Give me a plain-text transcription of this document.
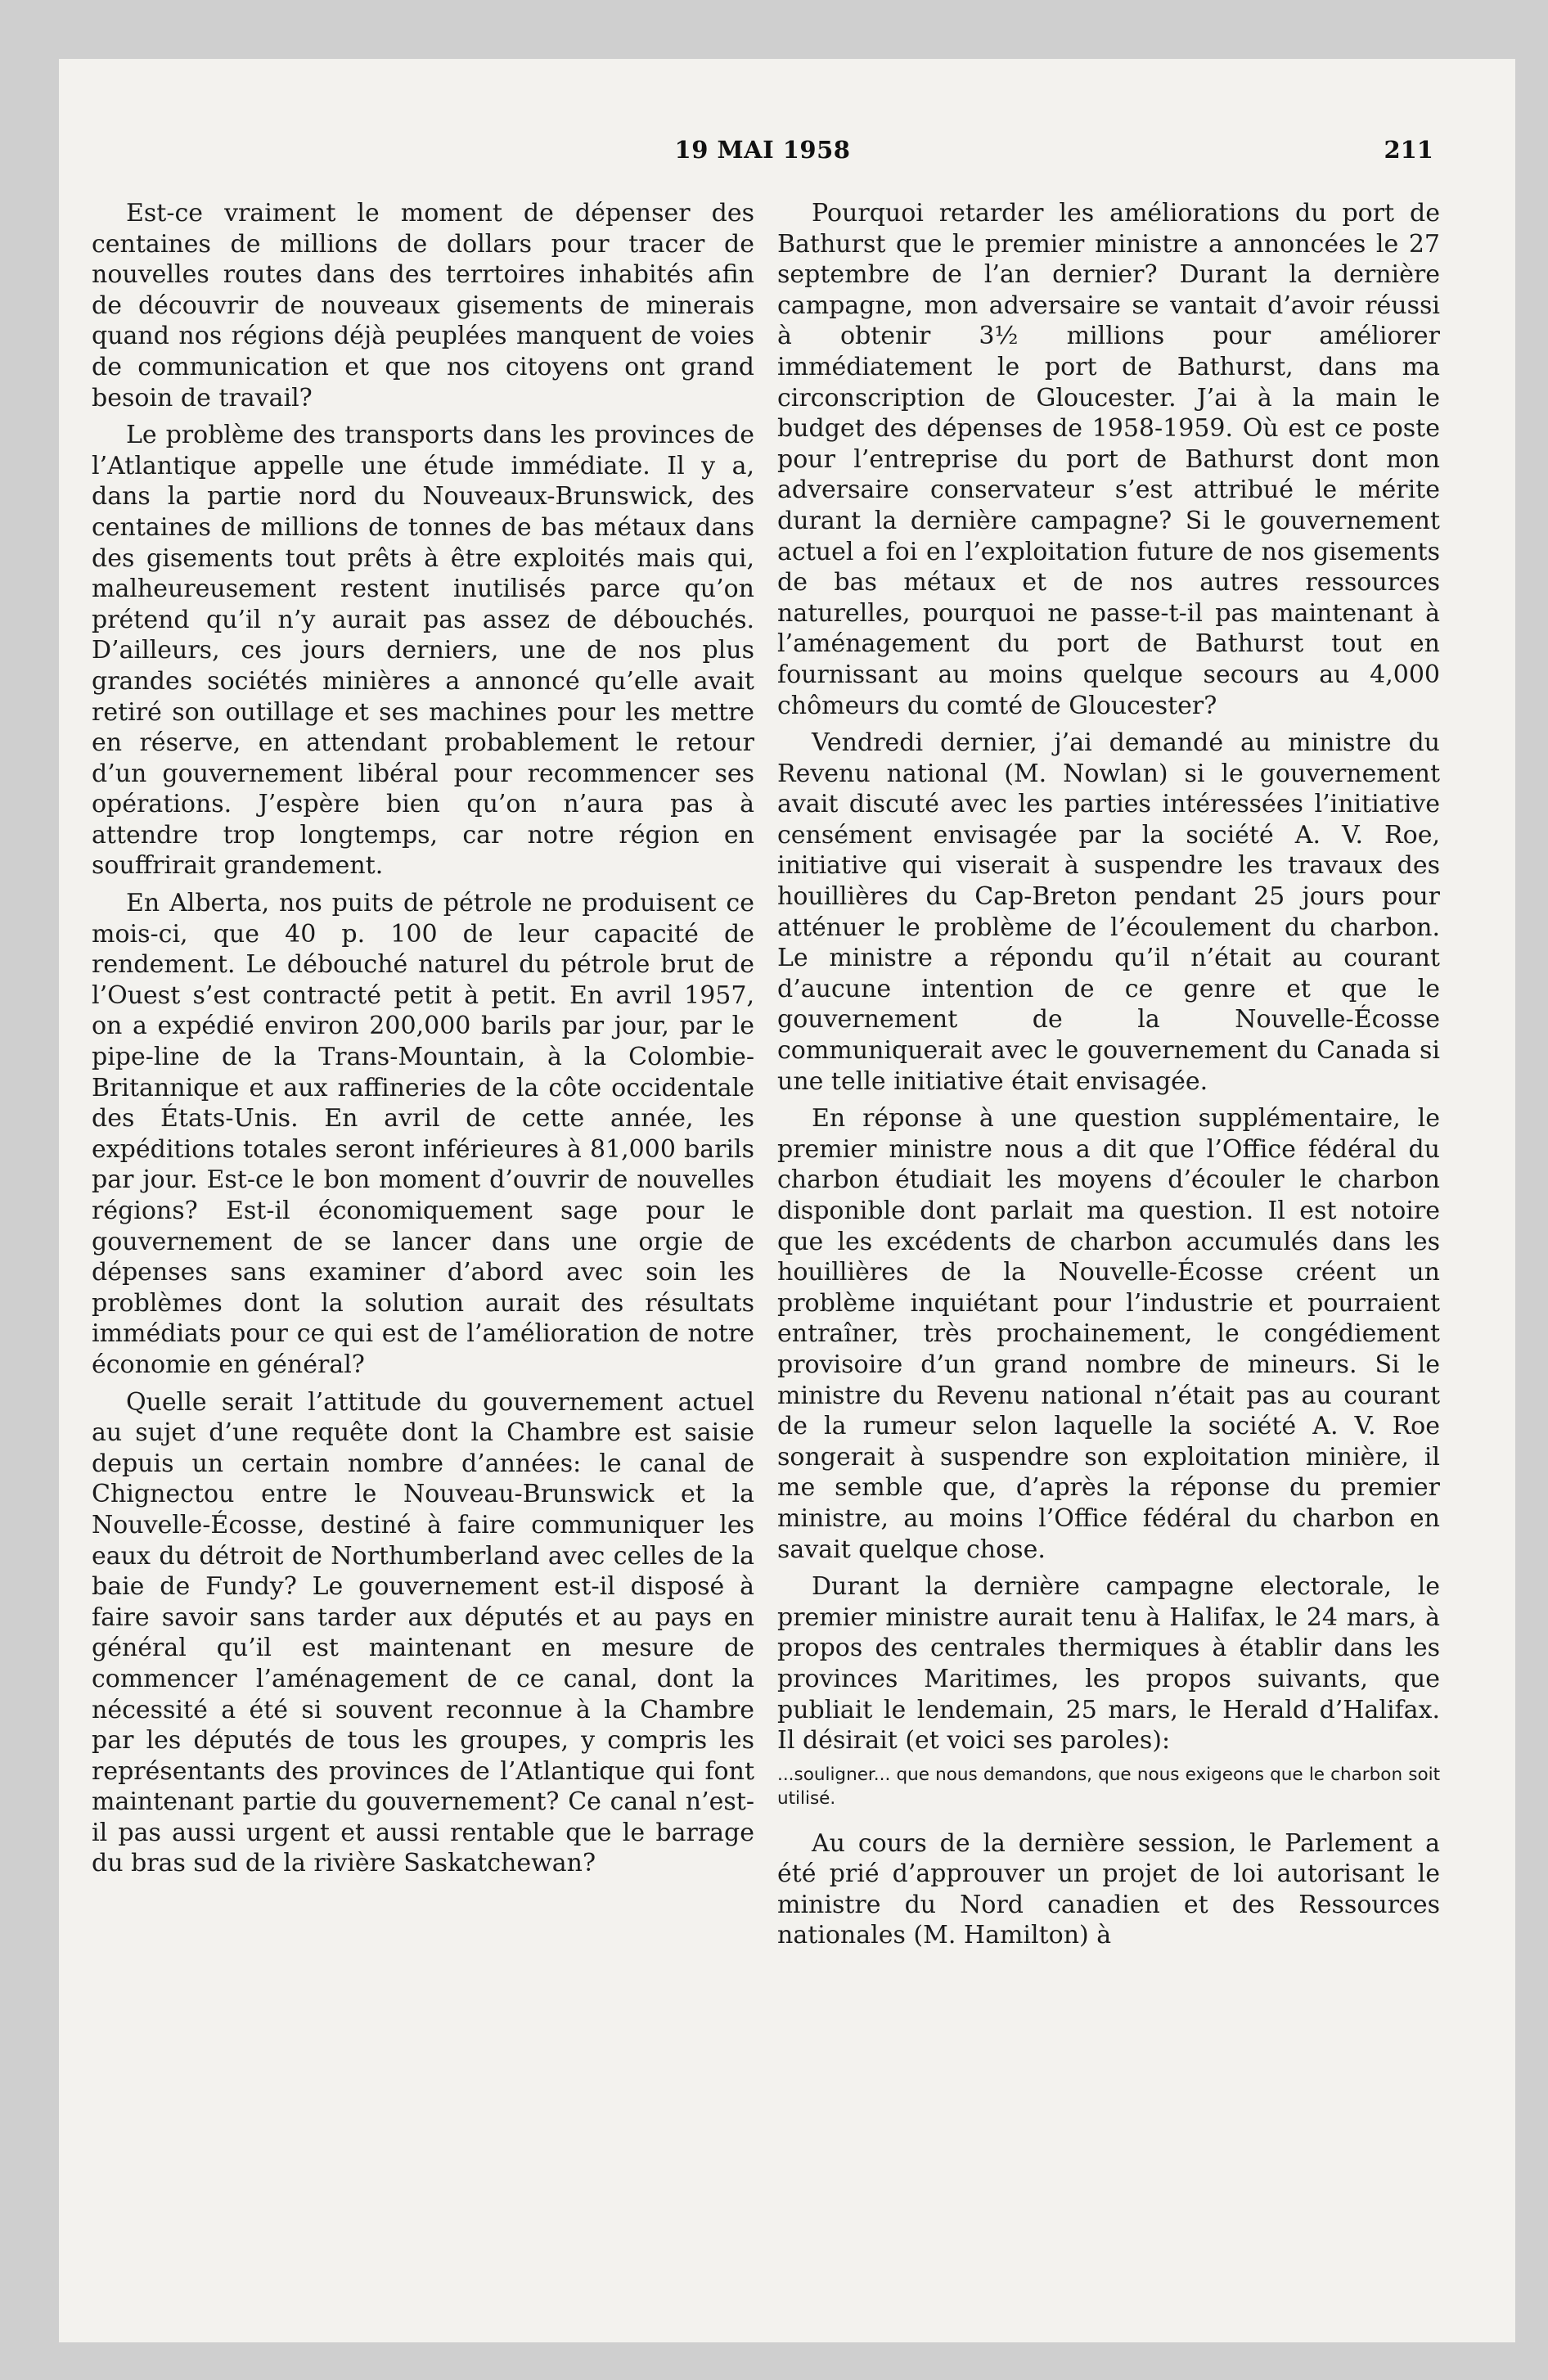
19 MAI 1958	211

Est-ce vraiment le moment de dépenser des centaines de millions de dollars pour tracer de nouvelles routes dans des terrtoires inhabités afin de découvrir de nouveaux gisements de minerais quand nos régions déjà peuplées manquent de voies de communication et que nos citoyens ont grand besoin de travail?

Le problème des transports dans les provinces de l’Atlantique appelle une étude immédiate. Il y a, dans la partie nord du Nouveaux-Brunswick, des centaines de millions de tonnes de bas métaux dans des gisements tout prêts à être exploités mais qui, malheureusement restent inutilisés parce qu’on prétend qu’il n’y aurait pas assez de débouchés. D’ailleurs, ces jours derniers, une de nos plus grandes sociétés minières a annoncé qu’elle avait retiré son outillage et ses machines pour les mettre en réserve, en attendant probablement le retour d’un gouvernement libéral pour recommencer ses opérations. J’espère bien qu’on n’aura pas à attendre trop longtemps, car notre région en souffrirait grandement.

En Alberta, nos puits de pétrole ne produisent ce mois-ci, que 40 p. 100 de leur capacité de rendement. Le débouché naturel du pétrole brut de l’Ouest s’est contracté petit à petit. En avril 1957, on a expédié environ 200,000 barils par jour, par le pipe-line de la Trans-Mountain, à la Colombie-Britannique et aux raffineries de la côte occidentale des États-Unis. En avril de cette année, les expéditions totales seront inférieures à 81,000 barils par jour. Est-ce le bon moment d’ouvrir de nouvelles régions? Est-il économiquement sage pour le gouvernement de se lancer dans une orgie de dépenses sans examiner d’abord avec soin les problèmes dont la solution aurait des résultats immédiats pour ce qui est de l’amélioration de notre économie en général?

Quelle serait l’attitude du gouvernement actuel au sujet d’une requête dont la Chambre est saisie depuis un certain nombre d’années: le canal de Chignectou entre le Nouveau-Brunswick et la Nouvelle-Écosse, destiné à faire communiquer les eaux du détroit de Northumberland avec celles de la baie de Fundy? Le gouvernement est-il disposé à faire savoir sans tarder aux députés et au pays en général qu’il est maintenant en mesure de commencer l’aménagement de ce canal, dont la nécessité a été si souvent reconnue à la Chambre par les députés de tous les groupes, y compris les représentants des provinces de l’Atlantique qui font maintenant partie du gouvernement? Ce canal n’est-il pas aussi urgent et aussi rentable que le barrage du bras sud de la rivière Saskatchewan?

Pourquoi retarder les améliorations du port de Bathurst que le premier ministre a annoncées le 27 septembre de l’an dernier? Durant la dernière campagne, mon adversaire se vantait d’avoir réussi à obtenir 3½ millions pour améliorer immédiatement le port de Bathurst, dans ma circonscription de Gloucester. J’ai à la main le budget des dépenses de 1958-1959. Où est ce poste pour l’entreprise du port de Bathurst dont mon adversaire conservateur s’est attribué le mérite durant la dernière campagne? Si le gouvernement actuel a foi en l’exploitation future de nos gisements de bas métaux et de nos autres ressources naturelles, pourquoi ne passe-t-il pas maintenant à l’aménagement du port de Bathurst tout en fournissant au moins quelque secours au 4,000 chômeurs du comté de Gloucester?

Vendredi dernier, j’ai demandé au ministre du Revenu national (M. Nowlan) si le gouvernement avait discuté avec les parties intéressées l’initiative censément envisagée par la société A. V. Roe, initiative qui viserait à suspendre les travaux des houillières du Cap-Breton pendant 25 jours pour atténuer le problème de l’écoulement du charbon. Le ministre a répondu qu’il n’était au courant d’aucune intention de ce genre et que le gouvernement de la Nouvelle-Écosse communiquerait avec le gouvernement du Canada si une telle initiative était envisagée.

En réponse à une question supplémentaire, le premier ministre nous a dit que l’Office fédéral du charbon étudiait les moyens d’écouler le charbon disponible dont parlait ma question. Il est notoire que les excédents de charbon accumulés dans les houillières de la Nouvelle-Écosse créent un problème inquiétant pour l’industrie et pourraient entraîner, très prochainement, le congédiement provisoire d’un grand nombre de mineurs. Si le ministre du Revenu national n’était pas au courant de la rumeur selon laquelle la société A. V. Roe songerait à suspendre son exploitation minière, il me semble que, d’après la réponse du premier ministre, au moins l’Office fédéral du charbon en savait quelque chose.

Durant la dernière campagne electorale, le premier ministre aurait tenu à Halifax, le 24 mars, à propos des centrales thermiques à établir dans les provinces Maritimes, les propos suivants, que publiait le lendemain, 25 mars, le Herald d’Halifax. Il désirait (et voici ses paroles):

...souligner... que nous demandons, que nous exigeons que le charbon soit utilisé.

Au cours de la dernière session, le Parlement a été prié d’approuver un projet de loi autorisant le ministre du Nord canadien et des Ressources nationales (M. Hamilton) à
